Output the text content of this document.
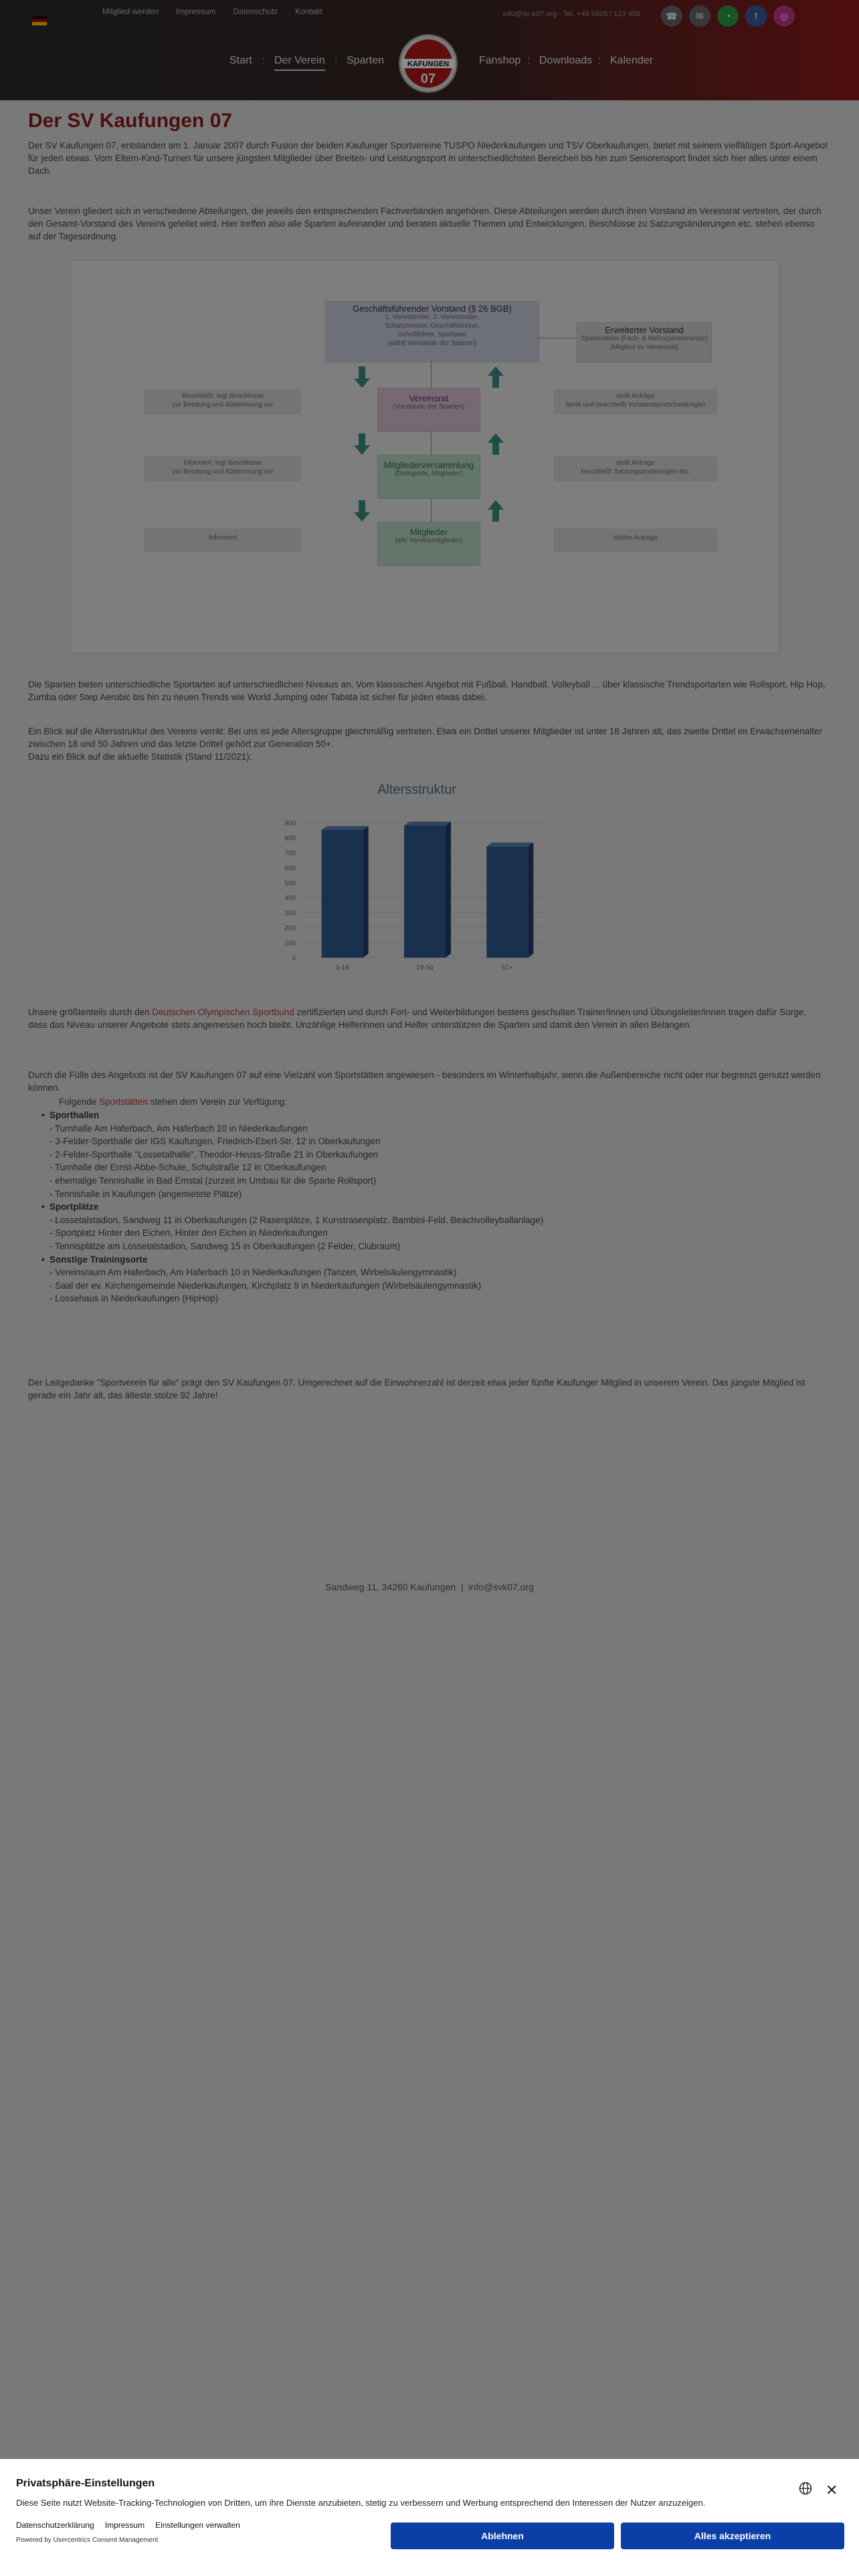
Mitglied werden Impressum Datenschutz Kontakt	info@sv-k07.org · Tel. +49 5605 / 123 456	☎	✉	◔	f	◎
Start : Der Verein : Sparten	Fanshop : Downloads : Kalender
KAFUNGEN
07
Der SV Kaufungen 07

Der SV Kaufungen 07, entstanden am 1. Januar 2007 durch Fusion der beiden Kaufunger Sportvereine TUSPO Niederkaufungen und TSV Oberkaufungen, bietet mit seinem vielfältigen Sport-Angebot für jeden etwas. Vom Eltern-Kind-Turnen für unsere jüngsten Mitglieder über Breiten- und Leistungssport in unterschiedlichsten Bereichen bis hin zum Seniorensport findet sich hier alles unter einem Dach.

Unser Verein gliedert sich in verschiedene Abteilungen, die jeweils den entsprechenden Fachverbänden angehören. Diese Abteilungen werden durch ihren Vorstand im Vereinsrat vertreten, der durch den Gesamt-Vorstand des Vereins geleitet wird. Hier treffen also alle Sparten aufeinander und beraten aktuelle Themen und Entwicklungen. Beschlüsse zu Satzungsänderungen etc. stehen ebenso auf der Tagesordnung.

Geschäftsführender Vorstand (§ 26 BGB)
1. Vorsitzender, 2. Vorsitzender,
Schatzmeister, Geschäftsführer,
Schriftführer, Sportwart
(wählt Vorstände der Sparten)
Erweiterter Vorstand
Spartenleiter (Fach- & Mehrspartenvorsitz)
(Mitglied im Vereinsrat)
Vereinsrat
(Vorstände der Sparten)
Mitgliederversammlung
(Delegierte, Mitglieder)
Mitglieder
(alle Vereinsmitglieder)
Beschließt, legt Beschlüsse
zur Beratung und Abstimmung vor
Informiert, legt Beschlüsse
zur Beratung und Abstimmung vor
Informiert
stellt Anträge
berät und beschließt Vorstandsentscheidungen
stellt Anträge
beschließt Satzungsänderungen etc.
stellen Anträge

Die Sparten bieten unterschiedliche Sportarten auf unterschiedlichen Niveaus an. Vom klassischen Angebot mit Fußball, Handball, Volleyball ... über klassische Trendsportarten wie Rollsport, Hip Hop, Zumba oder Step Aerobic bis hin zu neuen Trends wie World Jumping oder Tabata ist sicher für jeden etwas dabei.

Ein Blick auf die Altersstruktur des Vereins verrät: Bei uns ist jede Altersgruppe gleichmäßig vertreten. Etwa ein Drittel unserer Mitglieder ist unter 18 Jahren alt, das zweite Drittel im Erwachsenenalter zwischen 18 und 50 Jahren und das letzte Drittel gehört zur Generation 50+.

Dazu ein Blick auf die aktuelle Statistik (Stand 11/2021):

Altersstruktur
0
100
200
300
400
500
600
700
800
900
0-18	19-50	51+

Unsere größtenteils durch den Deutschen Olympischen Sportbund zertifizierten und durch Fort- und Weiterbildungen bestens geschulten Trainer/innen und Übungsleiter/innen tragen dafür Sorge, dass das Niveau unserer Angebote stets angemessen hoch bleibt. Unzählige Helferinnen und Helfer unterstützen die Sparten und damit den Verein in allen Belangen.

Durch die Fülle des Angebots ist der SV Kaufungen 07 auf eine Vielzahl von Sportstätten angewiesen - besonders im Winterhalbjahr, wenn die Außenbereiche nicht oder nur begrenzt genutzt werden können.

Folgende Sportstätten stehen dem Verein zur Verfügung:

• Sporthallen
- Turnhalle Am Haferbach, Am Haferbach 10 in Niederkaufungen
- 3-Felder-Sporthalle der IGS Kaufungen, Friedrich-Ebert-Str. 12 in Oberkaufungen
- 2-Felder-Sporthalle "Lossetalhalle", Theodor-Heuss-Straße 21 in Oberkaufungen
- Turnhalle der Ernst-Abbe-Schule, Schulstraße 12 in Oberkaufungen
- ehemalige Tennishalle in Bad Emstal (zurzeit im Umbau für die Sparte Rollsport)
- Tennishalle in Kaufungen (angemietete Plätze)
• Sportplätze
- Lossetalstadion, Sandweg 11 in Oberkaufungen (2 Rasenplätze, 1 Kunstrasenplatz, Bambini-Feld, Beachvolleyballanlage)
- Sportplatz Hinter den Eichen, Hinter den Eichen in Niederkaufungen
- Tennisplätze am Lossetalstadion, Sandweg 15 in Oberkaufungen (2 Felder, Clubraum)
• Sonstige Trainingsorte
- Vereinsraum Am Haferbach, Am Haferbach 10 in Niederkaufungen (Tanzen, Wirbelsäulengymnastik)
- Saal der ev. Kirchengemeinde Niederkaufungen, Kirchplatz 9 in Niederkaufungen (Wirbelsäulengymnastik)
- Lossehaus in Niederkaufungen (HipHop)

Der Leitgedanke "Sportverein für alle" prägt den SV Kaufungen 07. Umgerechnet auf die Einwohnerzahl ist derzeit etwa jeder fünfte Kaufunger Mitglied in unserem Verein. Das jüngste Mitglied ist gerade ein Jahr alt, das älteste stolze 92 Jahre!

Sandweg 11, 34260 Kaufungen | info@svk07.org
Privatsphäre-Einstellungen
Diese Seite nutzt Website-Tracking-Technologien von Dritten, um ihre Dienste anzubieten, stetig zu verbessern und Werbung entsprechend den Interessen der Nutzer anzuzeigen.
Datenschutzerklärung Impressum Einstellungen verwalten
Powered by Usercentrics Consent Management	Ablehnen	Alles akzeptieren
✕
